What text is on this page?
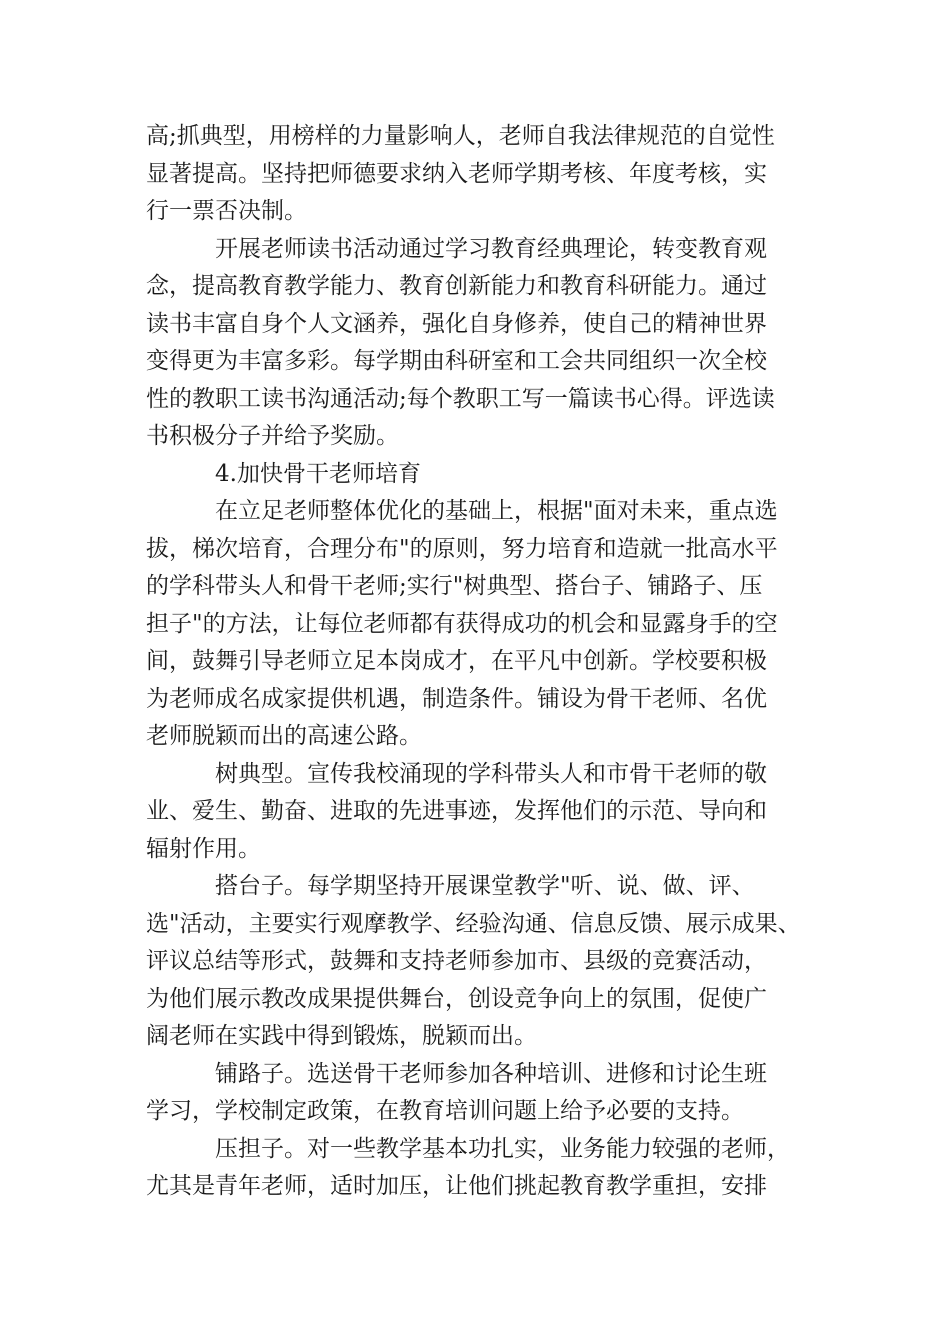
高;抓典型，用榜样的力量影响人，老师自我法律规范的自觉性
显著提高。坚持把师德要求纳入老师学期考核、年度考核，实
行一票否决制。
开展老师读书活动通过学习教育经典理论，转变教育观
念，提高教育教学能力、教育创新能力和教育科研能力。通过
读书丰富自身个人文涵养，强化自身修养，使自己的精神世界
变得更为丰富多彩。每学期由科研室和工会共同组织一次全校
性的教职工读书沟通活动;每个教职工写一篇读书心得。评选读
书积极分子并给予奖励。
4.加快骨干老师培育
在立足老师整体优化的基础上，根据"面对未来，重点选
拔，梯次培育，合理分布"的原则，努力培育和造就一批高水平
的学科带头人和骨干老师;实行"树典型、搭台子、铺路子、压
担子"的方法，让每位老师都有获得成功的机会和显露身手的空
间，鼓舞引导老师立足本岗成才，在平凡中创新。学校要积极
为老师成名成家提供机遇，制造条件。铺设为骨干老师、名优
老师脱颖而出的高速公路。
树典型。宣传我校涌现的学科带头人和市骨干老师的敬
业、爱生、勤奋、进取的先进事迹，发挥他们的示范、导向和
辐射作用。
搭台子。每学期坚持开展课堂教学"听、说、做、评、
选"活动，主要实行观摩教学、经验沟通、信息反馈、展示成果、
评议总结等形式，鼓舞和支持老师参加市、县级的竞赛活动，
为他们展示教改成果提供舞台，创设竞争向上的氛围，促使广
阔老师在实践中得到锻炼，脱颖而出。
铺路子。选送骨干老师参加各种培训、进修和讨论生班
学习，学校制定政策，在教育培训问题上给予必要的支持。
压担子。对一些教学基本功扎实，业务能力较强的老师，
尤其是青年老师，适时加压，让他们挑起教育教学重担，安排
